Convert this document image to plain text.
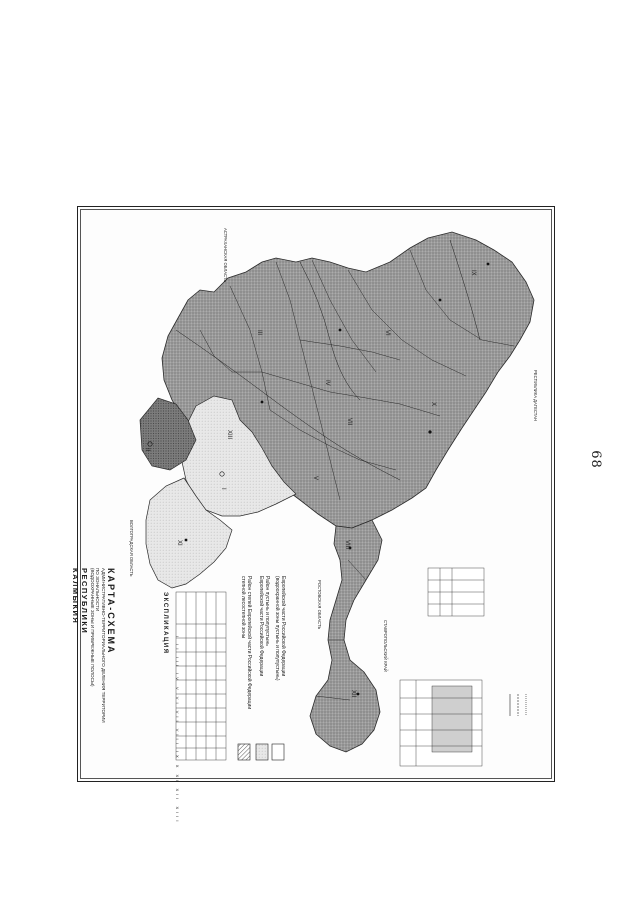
КАРТА-СХЕМА
АДМИНИСТРАТИВНО-ТЕРРИТОРИАЛЬНОГО ДЕЛЕНИЯ ТЕРРИТОРИИ
ПО ЗОНАЛЬНОСТИ
(ВОДООХРАННЫЕ ЗОНЫ И ПРИБРЕЖНЫЕ ПОЛОСЫ)
РЕСПУБЛИКИ
КАЛМЫКИЯ	ЭКСПЛИКАЦИЯ	Район степей Европейской части Российской Федерации
степной лесостепной зоны	Район пустынь и полупустынь
Европейской части Российской Федерации	Европейской части Российской Федерации
(водоохранной зоны пустынь и полупустынь)
ВОЛГОГРАДСКАЯ ОБЛАСТЬ
АСТРАХАНСКАЯ ОБЛАСТЬ
РЕСПУБЛИКА ДАГЕСТАН
РОСТОВСКАЯ ОБЛАСТЬ
СТАВРОПОЛЬСКИЙ КРАЙ
I
II
III
IV
V
VI
VII
VIII
IX
X
XI
XII
XIII
I II III IV V VI VII VIII IX X XI XII XIII
68
